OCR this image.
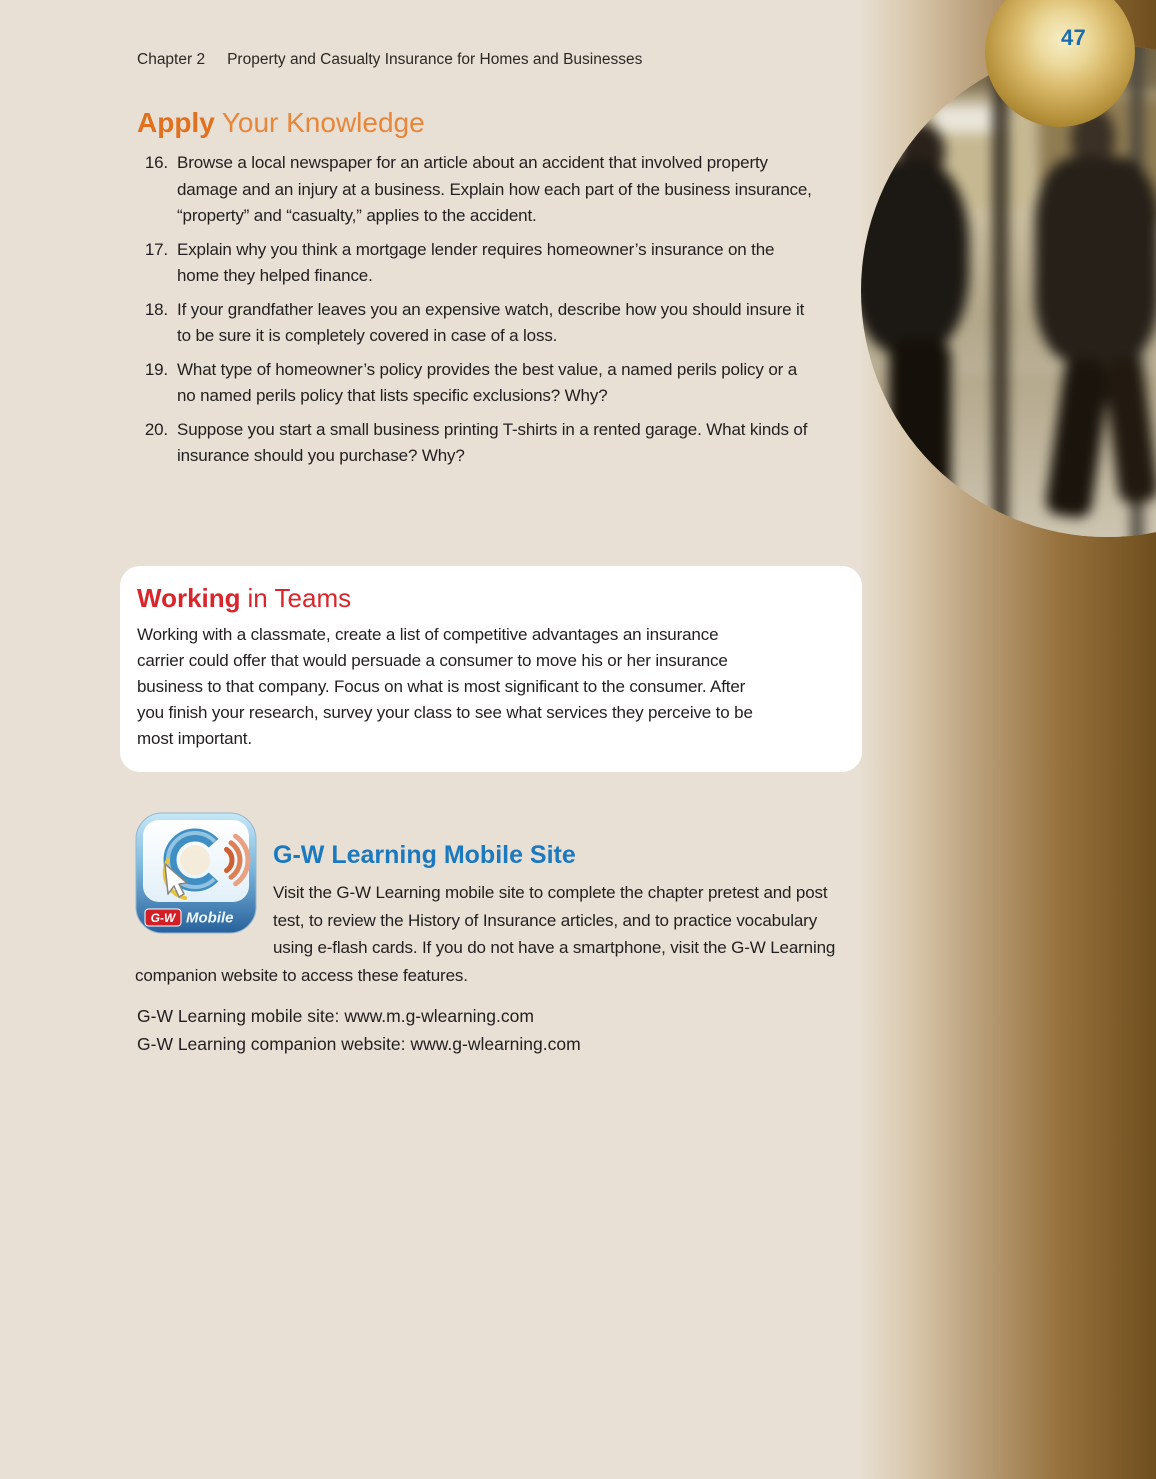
47
Chapter 2 Property and Casualty Insurance for Homes and Businesses
Apply Your Knowledge
16. Browse a local newspaper for an article about an accident that involved property damage and an injury at a business. Explain how each part of the business insurance, “property” and “casualty,” applies to the accident.
17. Explain why you think a mortgage lender requires homeowner’s insurance on the home they helped finance.
18. If your grandfather leaves you an expensive watch, describe how you should insure it to be sure it is completely covered in case of a loss.
19. What type of homeowner’s policy provides the best value, a named perils policy or a no named perils policy that lists specific exclusions? Why?
20. Suppose you start a small business printing T-shirts in a rented garage. What kinds of insurance should you purchase? Why?
Working in Teams
Working with a classmate, create a list of competitive advantages an insurance carrier could offer that would persuade a consumer to move his or her insurance business to that company. Focus on what is most significant to the consumer. After you finish your research, survey your class to see what services they perceive to be most important.
G-W Mobile
G-W Learning Mobile Site
Visit the G-W Learning mobile site to complete the chapter pretest and post test, to review the History of Insurance articles, and to practice vocabulary using e-flash cards. If you do not have a smartphone, visit the G-W Learning companion website to access these features.
G-W Learning mobile site: www.m.g-wlearning.com
G-W Learning companion website: www.g-wlearning.com
